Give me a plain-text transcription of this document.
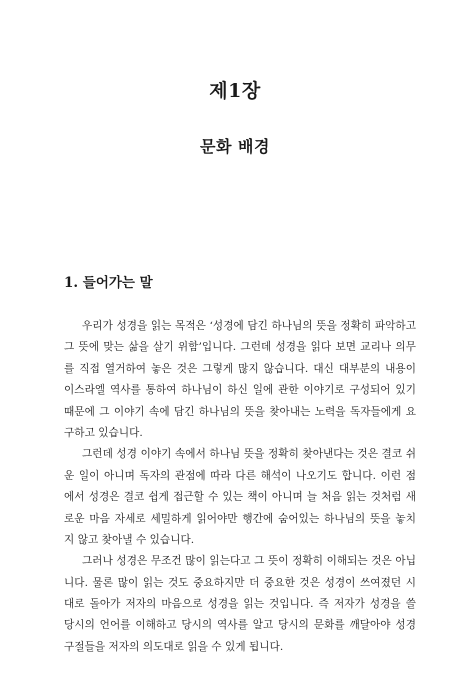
제1장
문화 배경
1. 들어가는 말
우리가 성경을 읽는 목적은 ‘성경에 담긴 하나님의 뜻을 정확히 파악하고
그 뜻에 맞는 삶을 살기 위함’입니다. 그런데 성경을 읽다 보면 교리나 의무
를 직접 열거하여 놓은 것은 그렇게 많지 않습니다. 대신 대부분의 내용이
이스라엘 역사를 통하여 하나님이 하신 일에 관한 이야기로 구성되어 있기
때문에 그 이야기 속에 담긴 하나님의 뜻을 찾아내는 노력을 독자들에게 요
구하고 있습니다.
그런데 성경 이야기 속에서 하나님 뜻을 정확히 찾아낸다는 것은 결코 쉬
운 일이 아니며 독자의 관점에 따라 다른 해석이 나오기도 합니다. 이런 점
에서 성경은 결코 쉽게 접근할 수 있는 책이 아니며 늘 처음 읽는 것처럼 새
로운 마음 자세로 세밀하게 읽어야만 행간에 숨어있는 하나님의 뜻을 놓치
지 않고 찾아낼 수 있습니다.
그러나 성경은 무조건 많이 읽는다고 그 뜻이 정확히 이해되는 것은 아닙
니다. 물론 많이 읽는 것도 중요하지만 더 중요한 것은 성경이 쓰여졌던 시
대로 돌아가 저자의 마음으로 성경을 읽는 것입니다. 즉 저자가 성경을 쓸
당시의 언어를 이해하고 당시의 역사를 알고 당시의 문화를 깨달아야 성경
구절들을 저자의 의도대로 읽을 수 있게 됩니다.
